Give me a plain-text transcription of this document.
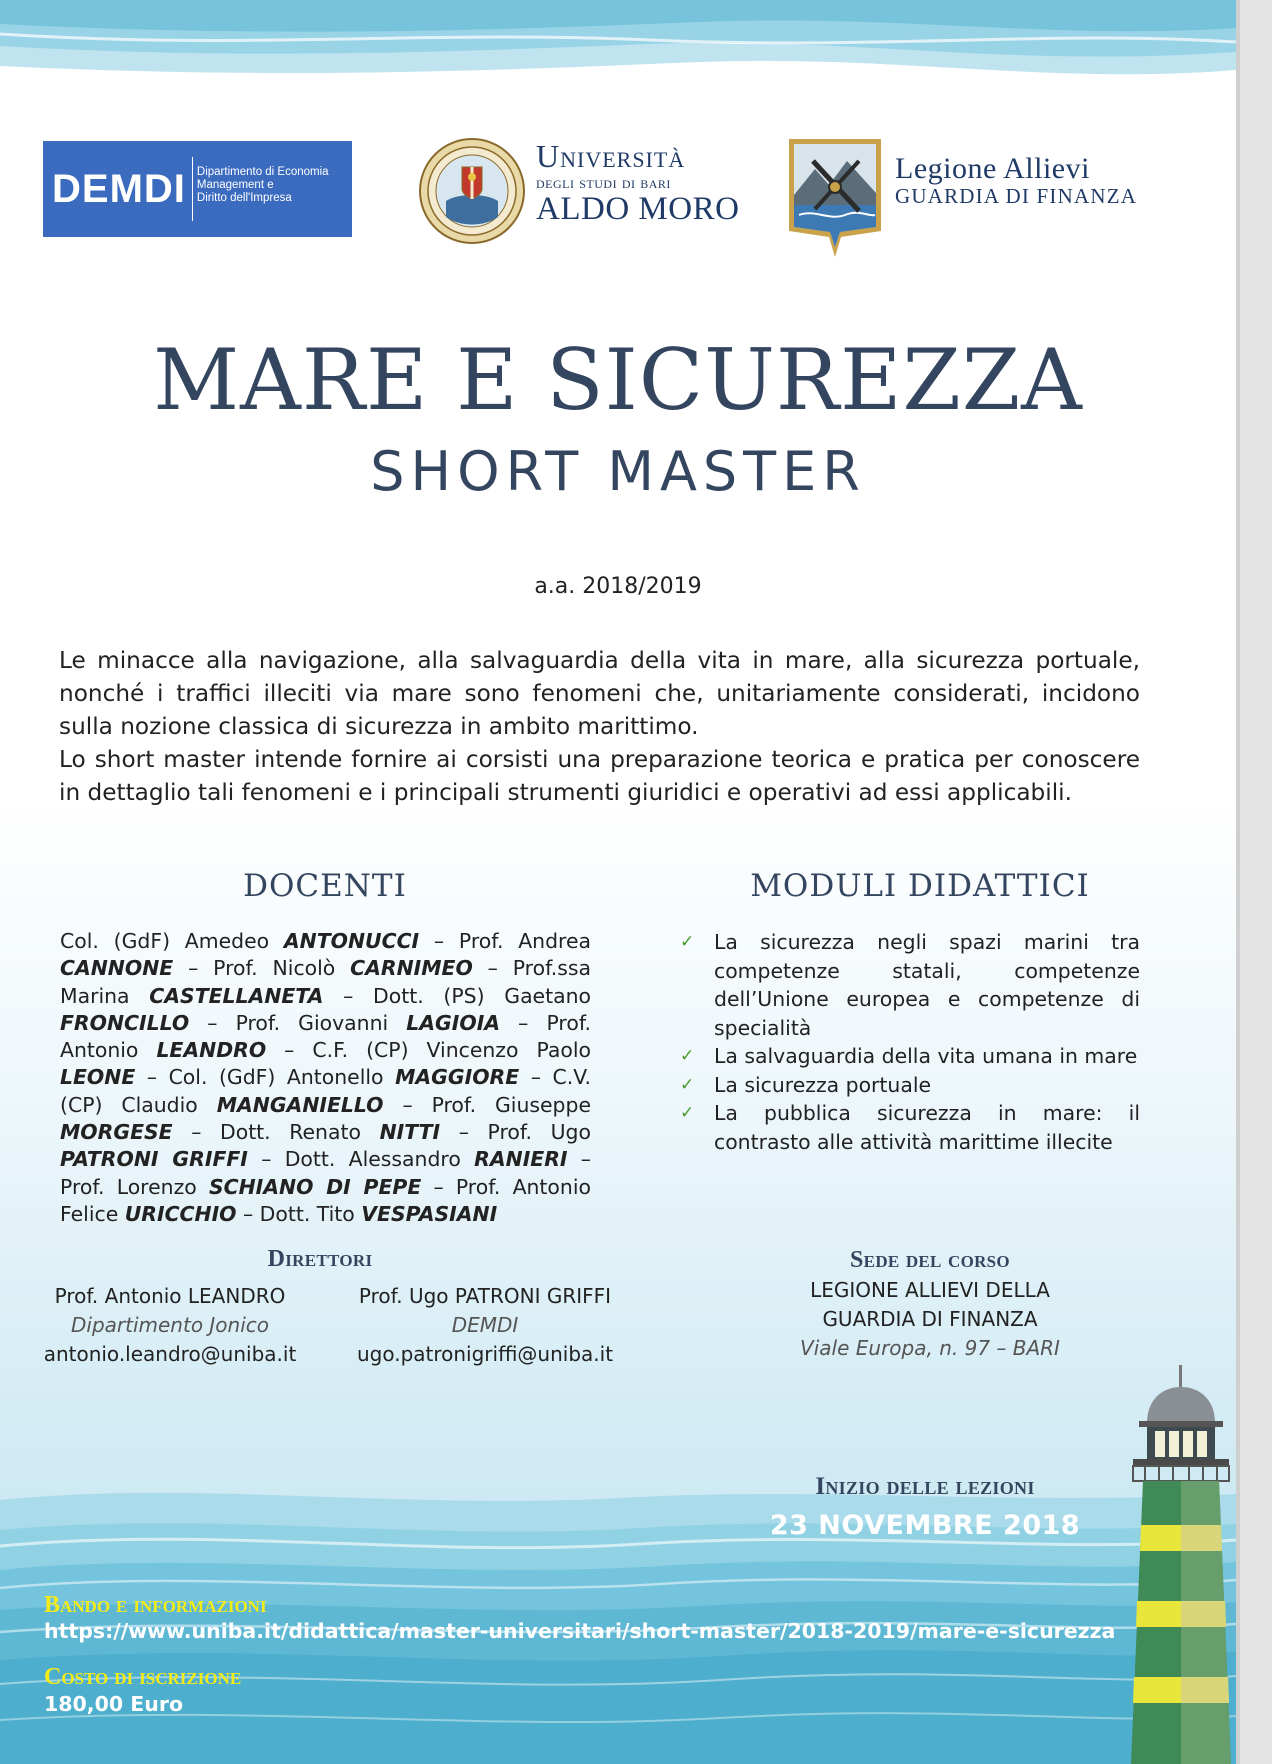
DEMDI Dipartimento di Economia
Management e
Diritto dell'Impresa
Università
degli studi di bari
ALDO MORO
Legione Allievi
GUARDIA DI FINANZA
MARE E SICUREZZA
SHORT MASTER
a.a. 2018/2019

Le minacce alla navigazione, alla salvaguardia della vita in mare, alla sicurezza portuale, nonché i traffici illeciti via mare sono fenomeni che, unitariamente considerati, incidono sulla nozione classica di sicurezza in ambito marittimo.

Lo short master intende fornire ai corsisti una preparazione teorica e pratica per conoscere in dettaglio tali fenomeni e i principali strumenti giuridici e operativi ad essi applicabili.

DOCENTI
Col. (GdF) Amedeo ANTONUCCI – Prof. Andrea CANNONE – Prof. Nicolò CARNIMEO – Prof.ssa Marina CASTELLANETA – Dott. (PS) Gaetano FRONCILLO – Prof. Giovanni LAGIOIA – Prof. Antonio LEANDRO – C.F. (CP) Vincenzo Paolo LEONE – Col. (GdF) Antonello MAGGIORE – C.V. (CP) Claudio MANGANIELLO – Prof. Giuseppe MORGESE – Dott. Renato NITTI – Prof. Ugo PATRONI GRIFFI – Dott. Alessandro RANIERI – Prof. Lorenzo SCHIANO DI PEPE – Prof. Antonio Felice URICCHIO – Dott. Tito VESPASIANI
MODULI DIDATTICI
✓ La sicurezza negli spazi marini tra competenze statali, competenze dell’Unione europea e competenze di specialità
✓ La salvaguardia della vita umana in mare
✓ La sicurezza portuale
✓ La pubblica sicurezza in mare: il contrasto alle attività marittime illecite
Direttori
Prof. Antonio LEANDRO
Dipartimento Jonico
antonio.leandro@uniba.it
Prof. Ugo PATRONI GRIFFI
DEMDI
ugo.patronigriffi@uniba.it
Sede del corso
LEGIONE ALLIEVI DELLA
GUARDIA DI FINANZA
Viale Europa, n. 97 – BARI
Inizio delle lezioni
23 NOVEMBRE 2018
Bando e informazioni
https://www.uniba.it/didattica/master-universitari/short-master/2018-2019/mare-e-sicurezza
Costo di iscrizione
180,00 Euro
